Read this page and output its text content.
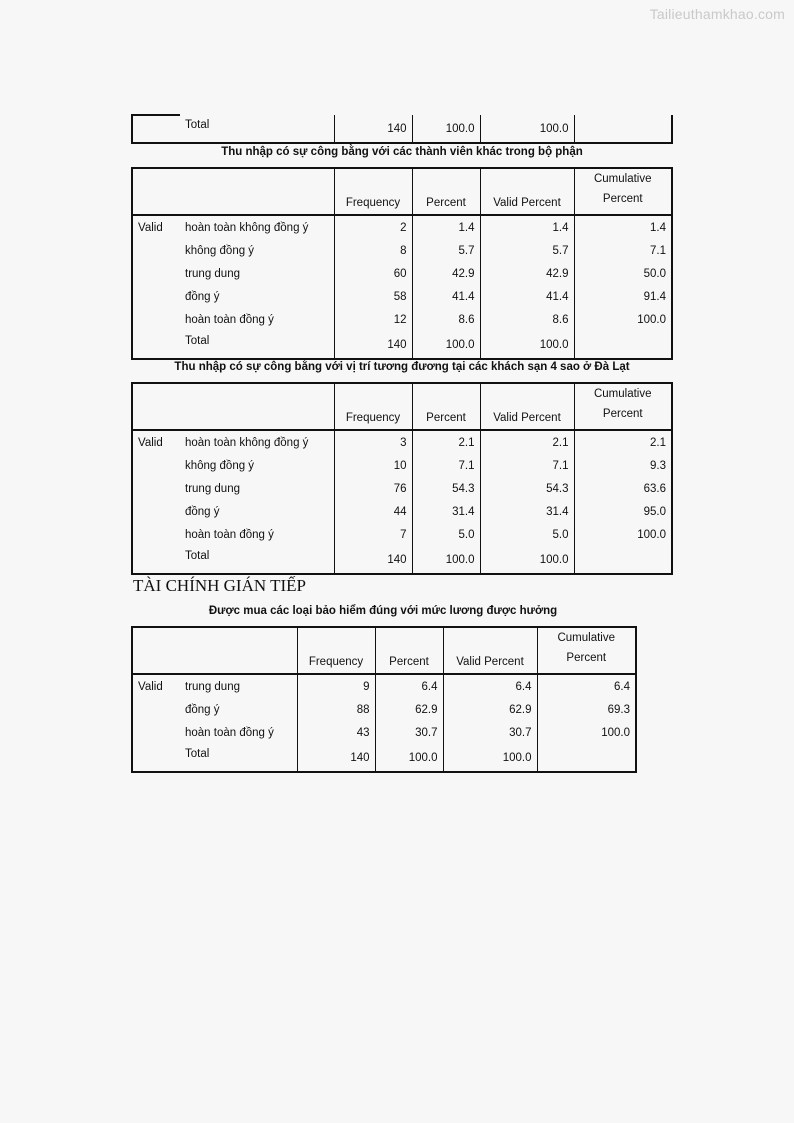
Tailieuthamkhao.com
	Total	140	100.0	100.0	
Thu nhập có sự công bằng với các thành viên khác trong bộ phận
		Frequency	Percent	Valid Percent	Cumulative
Percent
Valid	hoàn toàn không đồng ý	2	1.4	1.4	1.4
	không đồng ý	8	5.7	5.7	7.1
	trung dung	60	42.9	42.9	50.0
	đồng ý	58	41.4	41.4	91.4
	hoàn toàn đồng ý	12	8.6	8.6	100.0
	Total	140	100.0	100.0	
Thu nhập có sự công bằng với vị trí tương đương tại các khách sạn 4 sao ở Đà Lạt
		Frequency	Percent	Valid Percent	Cumulative
Percent
Valid	hoàn toàn không đồng ý	3	2.1	2.1	2.1
	không đồng ý	10	7.1	7.1	9.3
	trung dung	76	54.3	54.3	63.6
	đồng ý	44	31.4	31.4	95.0
	hoàn toàn đồng ý	7	5.0	5.0	100.0
	Total	140	100.0	100.0	
TÀI CHÍNH GIÁN TIẾP
Được mua các loại bảo hiểm đúng với mức lương được hưởng
		Frequency	Percent	Valid Percent	Cumulative
Percent
Valid	trung dung	9	6.4	6.4	6.4
	đồng ý	88	62.9	62.9	69.3
	hoàn toàn đồng ý	43	30.7	30.7	100.0
	Total	140	100.0	100.0	
